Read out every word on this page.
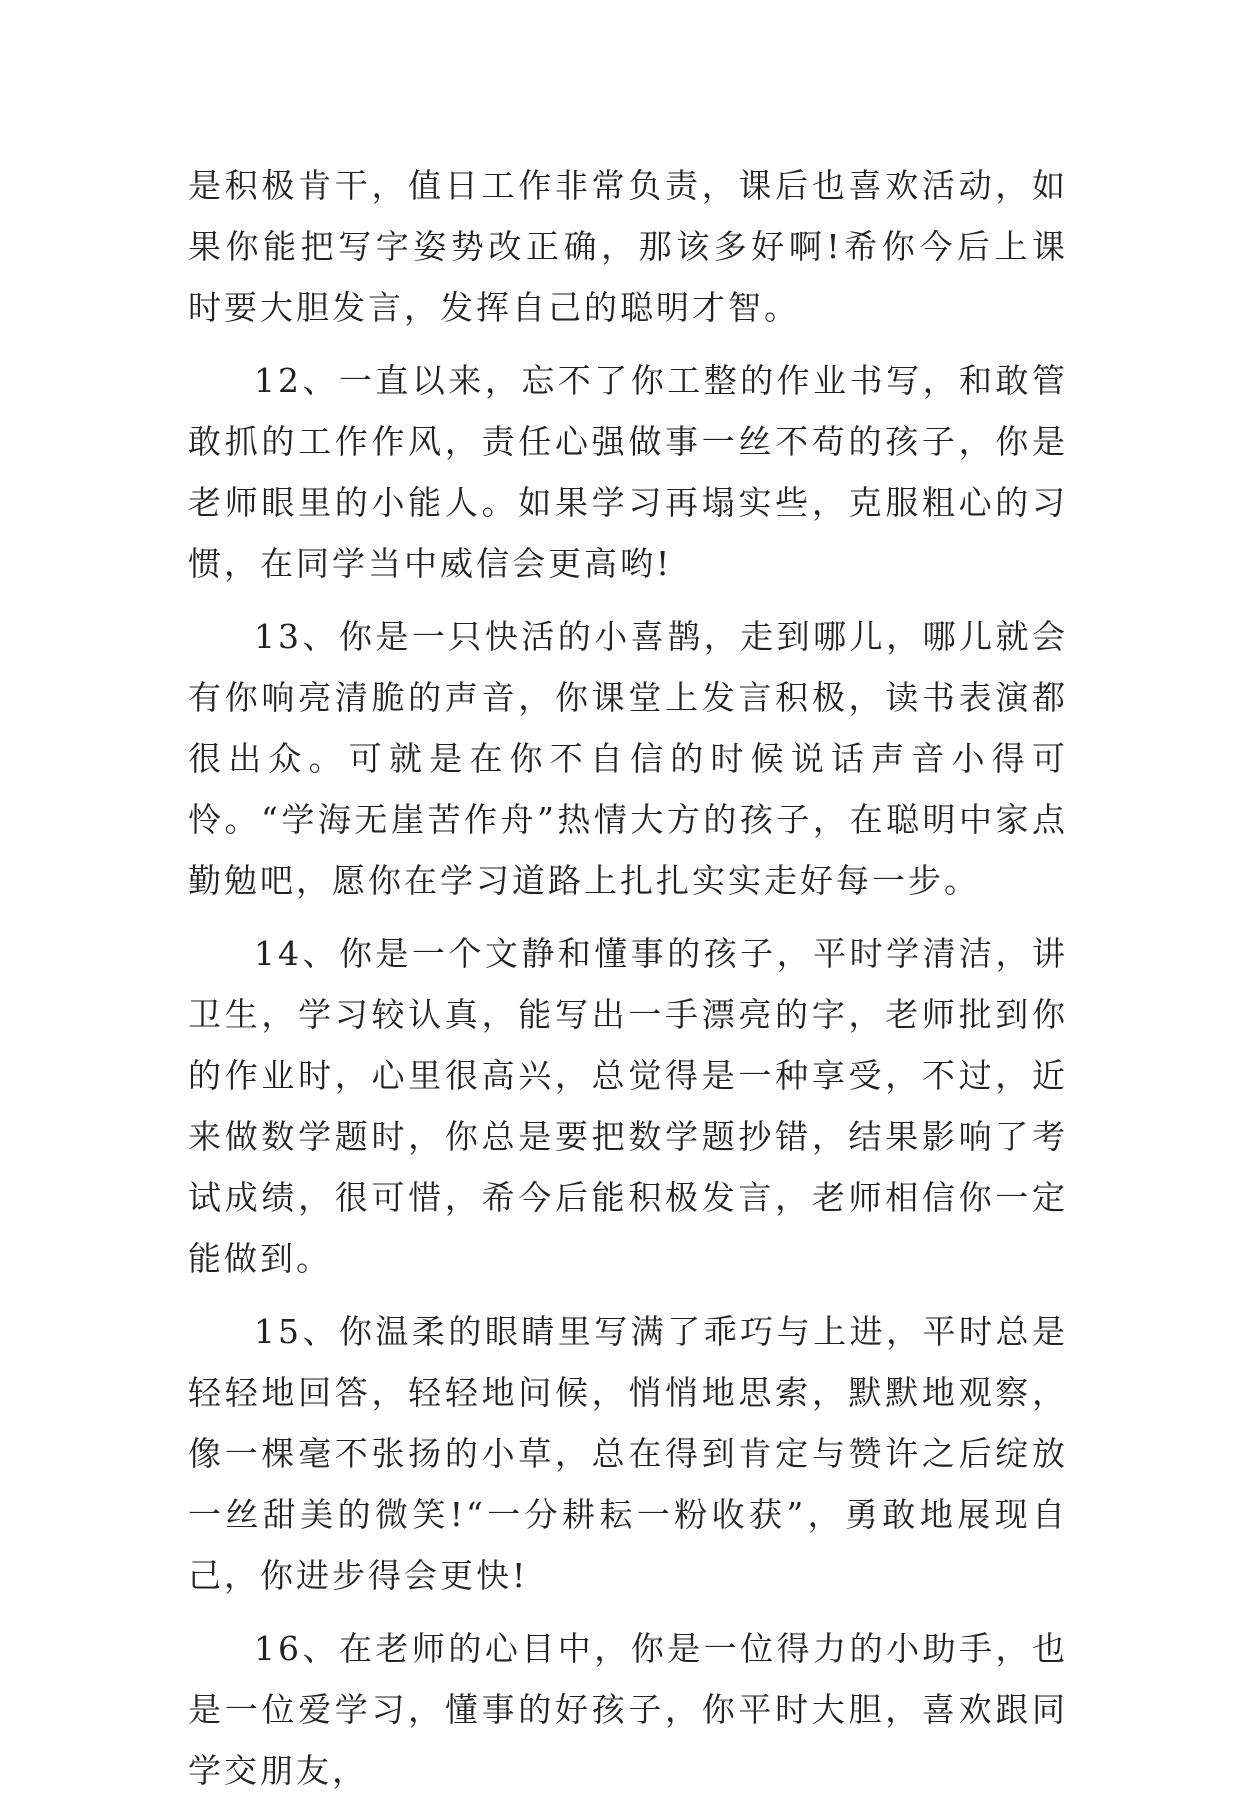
是积极肯干，值日工作非常负责，课后也喜欢活动，如果你能把写字姿势改正确，那该多好啊!希你今后上课时要大胆发言，发挥自己的聪明才智。

12、一直以来，忘不了你工整的作业书写，和敢管敢抓的工作作风，责任心强做事一丝不苟的孩子，你是老师眼里的小能人。如果学习再塌实些，克服粗心的习惯，在同学当中威信会更高哟!

13、你是一只快活的小喜鹊，走到哪儿，哪儿就会有你响亮清脆的声音，你课堂上发言积极，读书表演都很出众。可就是在你不自信的时候说话声音小得可怜。“学海无崖苦作舟”热情大方的孩子，在聪明中家点勤勉吧，愿你在学习道路上扎扎实实走好每一步。

14、你是一个文静和懂事的孩子，平时学清洁，讲卫生，学习较认真，能写出一手漂亮的字，老师批到你的作业时，心里很高兴，总觉得是一种享受，不过，近来做数学题时，你总是要把数学题抄错，结果影响了考试成绩，很可惜，希今后能积极发言，老师相信你一定能做到。

15、你温柔的眼睛里写满了乖巧与上进，平时总是轻轻地回答，轻轻地问候，悄悄地思索，默默地观察，像一棵毫不张扬的小草，总在得到肯定与赞许之后绽放一丝甜美的微笑!“一分耕耘一粉收获”，勇敢地展现自己，你进步得会更快!

16、在老师的心目中，你是一位得力的小助手，也是一位爱学习，懂事的好孩子，你平时大胆，喜欢跟同学交朋友，
